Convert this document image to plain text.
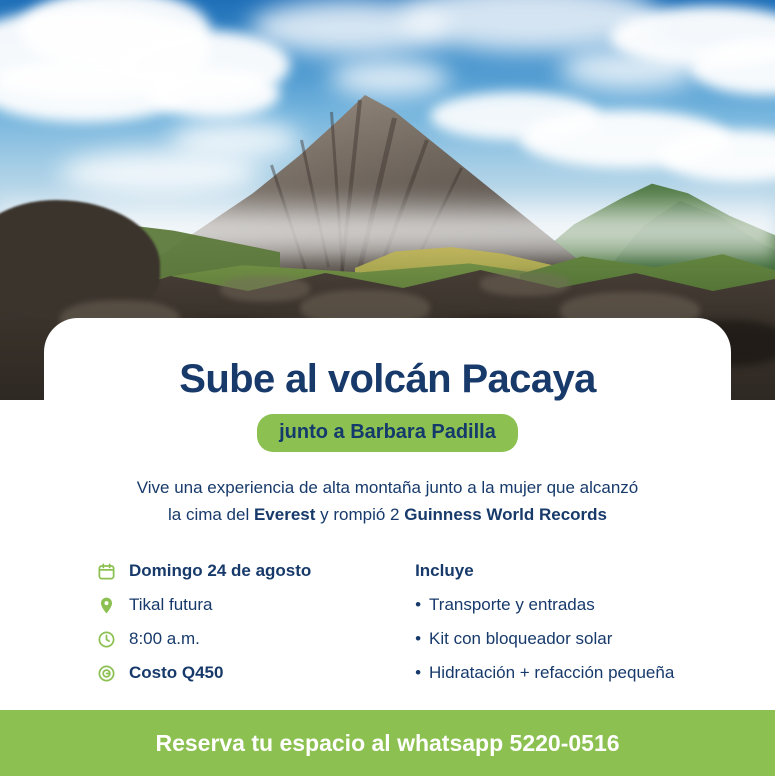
Sube al volcán Pacaya
junto a Barbara Padilla
Vive una experiencia de alta montaña junto a la mujer que alcanzó
la cima del Everest y rompió 2 Guinness World Records
Domingo 24 de agosto
Tikal futura
8:00 a.m.
Costo Q450
Incluye
• Transporte y entradas
• Kit con bloqueador solar
• Hidratación + refacción pequeña
Reserva tu espacio al whatsapp 5220-0516
